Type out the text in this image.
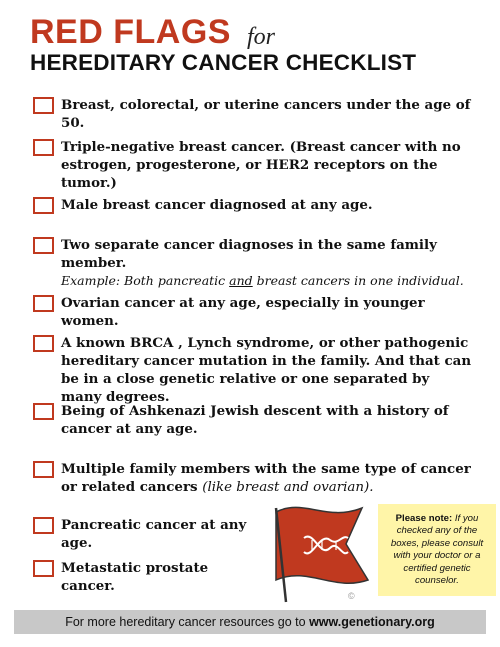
RED FLAGS for
HEREDITARY CANCER CHECKLIST
Breast, colorectal, or uterine cancers under the age of 50.
Triple-negative breast cancer. (Breast cancer with no estrogen, progesterone, or HER2 receptors on the tumor.)
Male breast cancer diagnosed at any age.
Two separate cancer diagnoses in the same family member.
Example: Both pancreatic and breast cancers in one individual.
Ovarian cancer at any age, especially in younger women.
A known BRCA , Lynch syndrome, or other pathogenic hereditary cancer mutation in the family. And that can be in a close genetic relative or one separated by many degrees.
Being of Ashkenazi Jewish descent with a history of cancer at any age.
Multiple family members with the same type of cancer or related cancers (like breast and ovarian).
Pancreatic cancer at any age.
Metastatic prostate cancer.
Please note: If you checked any of the boxes, please consult with your doctor or a certified genetic counselor.
©
For more hereditary cancer resources go to www.genetionary.org
